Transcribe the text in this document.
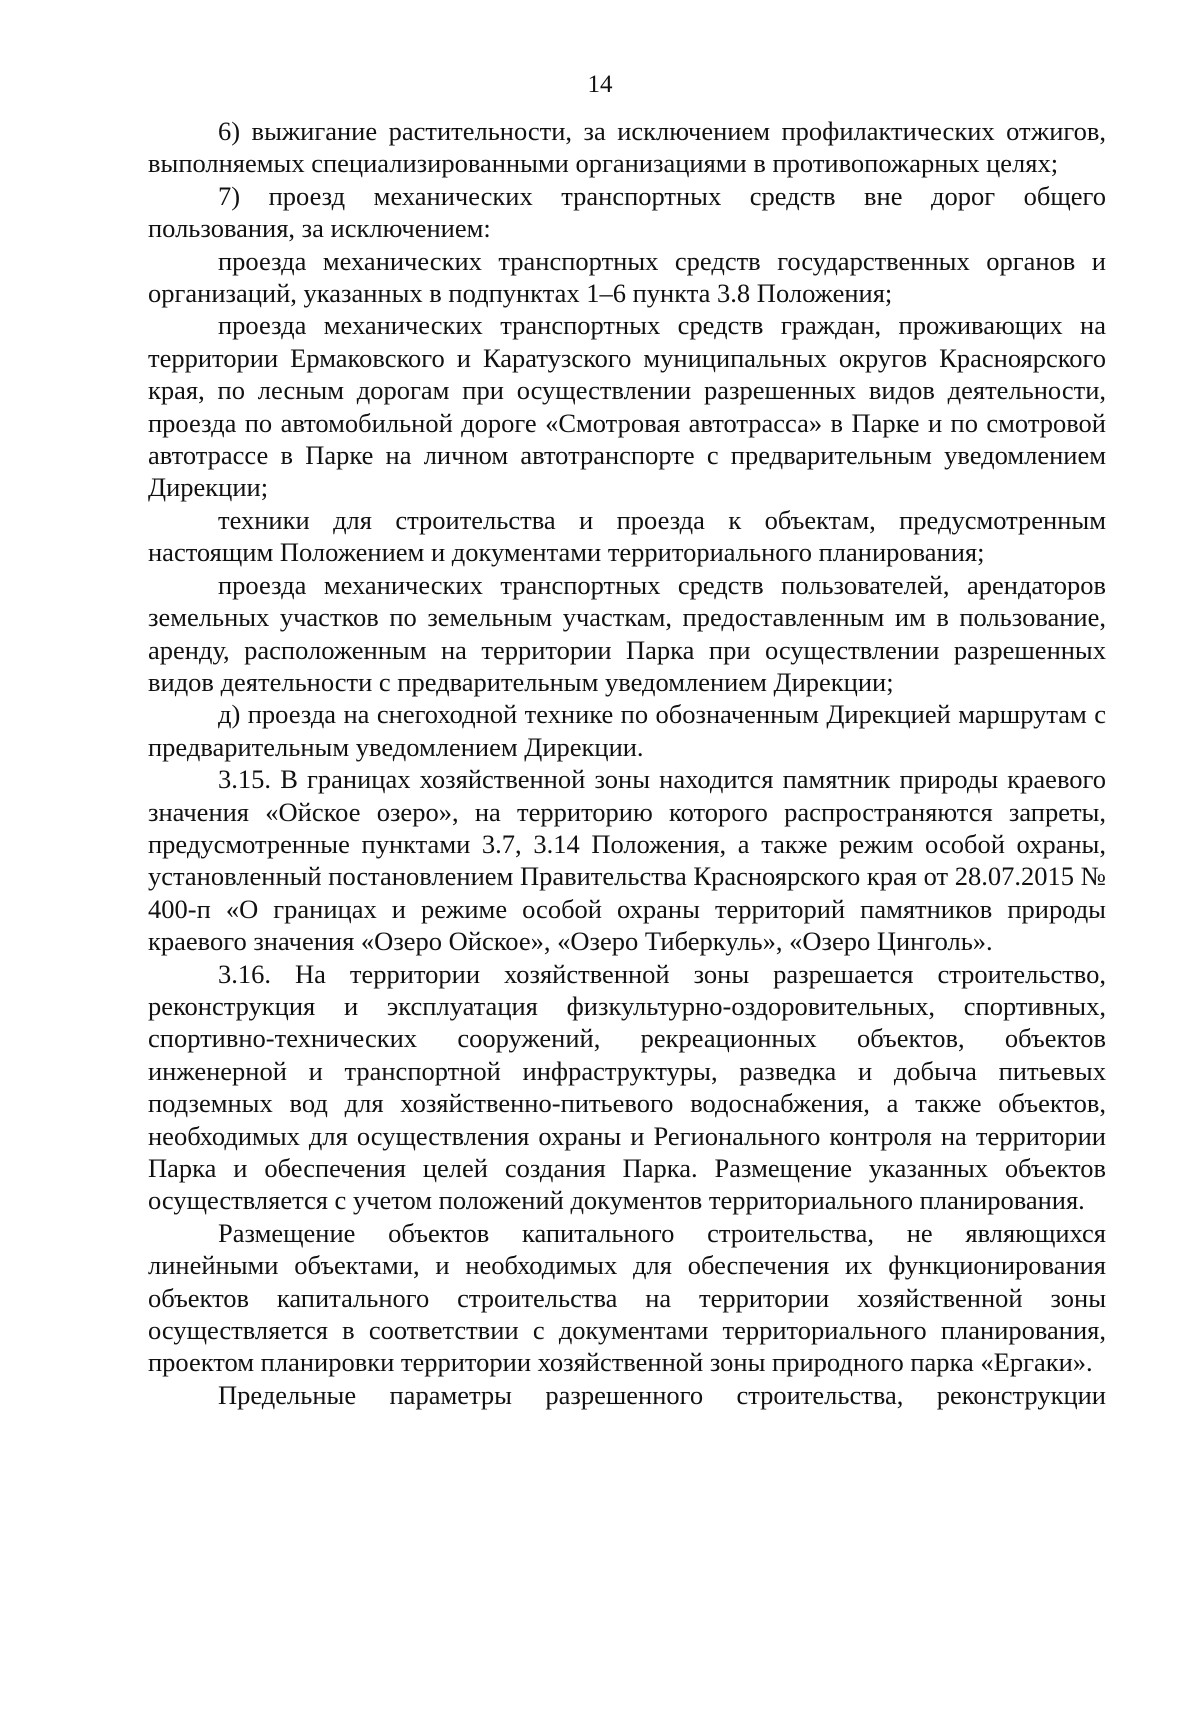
14

6) выжигание растительности, за исключением профилактических отжигов, выполняемых специализированными организациями в противопожарных целях;

7) проезд механических транспортных средств вне дорог общего пользования, за исключением:

проезда механических транспортных средств государственных органов и организаций, указанных в подпунктах 1–6 пункта 3.8 Положения;

проезда механических транспортных средств граждан, проживающих на территории Ермаковского и Каратузского муниципальных округов Красноярского края, по лесным дорогам при осуществлении разрешенных видов деятельности, проезда по автомобильной дороге «Смотровая автотрасса» в Парке и по смотровой автотрассе в Парке на личном автотранспорте с предварительным уведомлением Дирекции;

техники для строительства и проезда к объектам, предусмотренным настоящим Положением и документами территориального планирования;

проезда механических транспортных средств пользователей, арендаторов земельных участков по земельным участкам, предоставленным им в пользование, аренду, расположенным на территории Парка при осуществлении разрешенных видов деятельности с предварительным уведомлением Дирекции;

д) проезда на снегоходной технике по обозначенным Дирекцией маршрутам с предварительным уведомлением Дирекции.

3.15. В границах хозяйственной зоны находится памятник природы краевого значения «Ойское озеро», на территорию которого распространяются запреты, предусмотренные пунктами 3.7, 3.14 Положения, а также режим особой охраны, установленный постановлением Правительства Красноярского края от 28.07.2015 № 400-п «О границах и режиме особой охраны территорий памятников природы краевого значения «Озеро Ойское», «Озеро Тиберкуль», «Озеро Цинголь».

3.16. На территории хозяйственной зоны разрешается строительство, реконструкция и эксплуатация физкультурно-оздоровительных, спортивных, спортивно-технических сооружений, рекреационных объектов, объектов инженерной и транспортной инфраструктуры, разведка и добыча питьевых подземных вод для хозяйственно-питьевого водоснабжения, а также объектов, необходимых для осуществления охраны и Регионального контроля на территории Парка и обеспечения целей создания Парка. Размещение указанных объектов осуществляется с учетом положений документов территориального планирования.

Размещение объектов капитального строительства, не являющихся линейными объектами, и необходимых для обеспечения их функционирования объектов капитального строительства на территории хозяйственной зоны осуществляется в соответствии с документами территориального планирования, проектом планировки территории хозяйственной зоны природного парка «Ергаки».

Предельные параметры разрешенного строительства, реконструкции
